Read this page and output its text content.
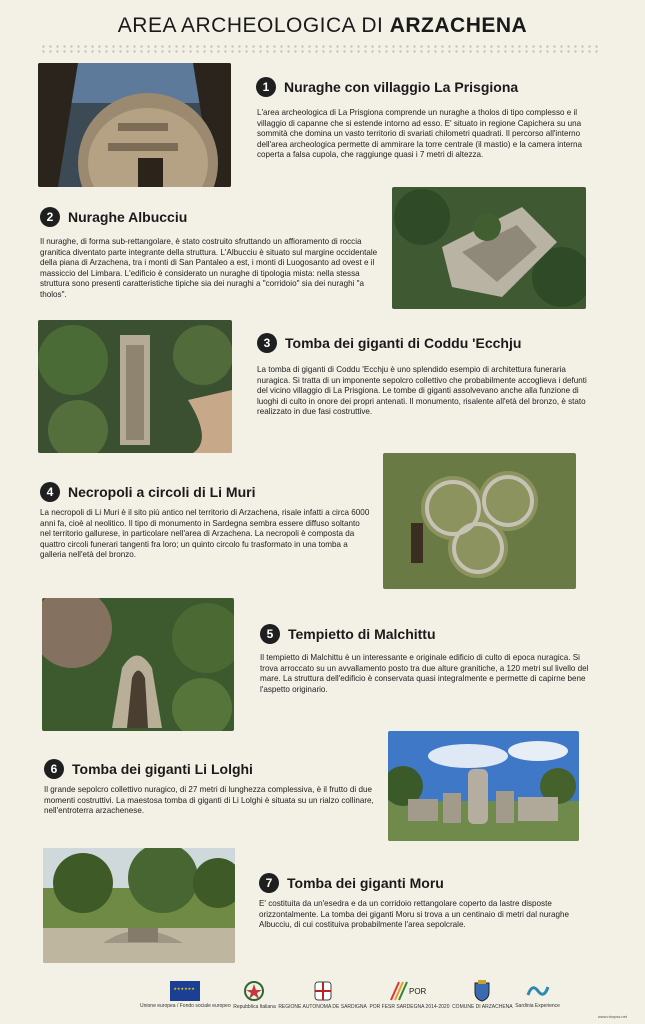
AREA ARCHEOLOGICA DI ARZACHENA
1	Nuraghe con villaggio La Prisgiona

L'area archeologica di La Prisgiona comprende un nuraghe a tholos di tipo complesso e il villaggio di capanne che si estende intorno ad esso. E' situato in regione Capichera su una sommità che domina un vasto territorio di svariati chilometri quadrati. Il percorso all'interno dell'area archeologica permette di ammirare la torre centrale (il mastio) e la camera interna coperta a falsa cupola, che raggiunge quasi i 7 metri di altezza.

2	Nuraghe Albucciu

Il nuraghe, di forma sub-rettangolare, è stato costruito sfruttando un affioramento di roccia granitica diventato parte integrante della struttura. L'Albucciu è situato sul margine occidentale della piana di Arzachena, tra i monti di San Pantaleo a est, i monti di Luogosanto ad ovest e il massiccio del Limbara. L'edificio è considerato un nuraghe di tipologia mista: nella stessa struttura sono presenti caratteristiche tipiche sia dei nuraghi a "corridoio" sia dei nuraghi "a tholos".

3	Tomba dei giganti di Coddu 'Ecchju

La tomba di giganti di Coddu 'Ecchju è uno splendido esempio di architettura funeraria nuragica. Si tratta di un imponente sepolcro collettivo che probabilmente accoglieva i defunti del vicino villaggio di La Prisgiona. Le tombe di giganti assolvevano anche alla funzione di luoghi di culto in onore dei propri antenati. Il monumento, risalente all'età del bronzo, è stato realizzato in due fasi costruttive.

4	Necropoli a circoli di Li Muri

La necropoli di Li Muri è il sito più antico nel territorio di Arzachena, risale infatti a circa 6000 anni fa, cioè al neolitico. Il tipo di monumento in Sardegna sembra essere diffuso soltanto nel territorio gallurese, in particolare nell'area di Arzachena. La necropoli è composta da quattro circoli funerari tangenti fra loro; un quinto circolo fu trasformato in una tomba a galleria nell'età del bronzo.

5	Tempietto di Malchittu

Il tempietto di Malchittu è un interessante e originale edificio di culto di epoca nuragica. Si trova arroccato su un avvallamento posto tra due alture granitiche, a 120 metri sul livello del mare. La struttura dell'edificio è conservata quasi integralmente e permette di capirne bene l'aspetto originario.

6	Tomba dei giganti Li Lolghi

Il grande sepolcro collettivo nuragico, di 27 metri di lunghezza complessiva, è il frutto di due momenti costruttivi. La maestosa tomba di giganti di Li Lolghi è situata su un rialzo collinare, nell'entroterra arzachenese.

7	Tomba dei giganti Moru

E' costituita da un'esedra e da un corridoio rettangolare coperto da lastre disposte orizzontalmente. La tomba dei giganti Moru si trova a un centinaio di metri dal nuraghe Albucciu, di cui costituiva probabilmente l'area sepolcrale.

★★★★★★
Unione europea / Fondo sociale europeo Repubblica Italiana REGIONE AUTONOMA DE SARDIGNA
POR
POR FESR SARDEGNA 2014-2020 COMUNE DI ARZACHENA Sardinia Experience
www.nbopss.net
